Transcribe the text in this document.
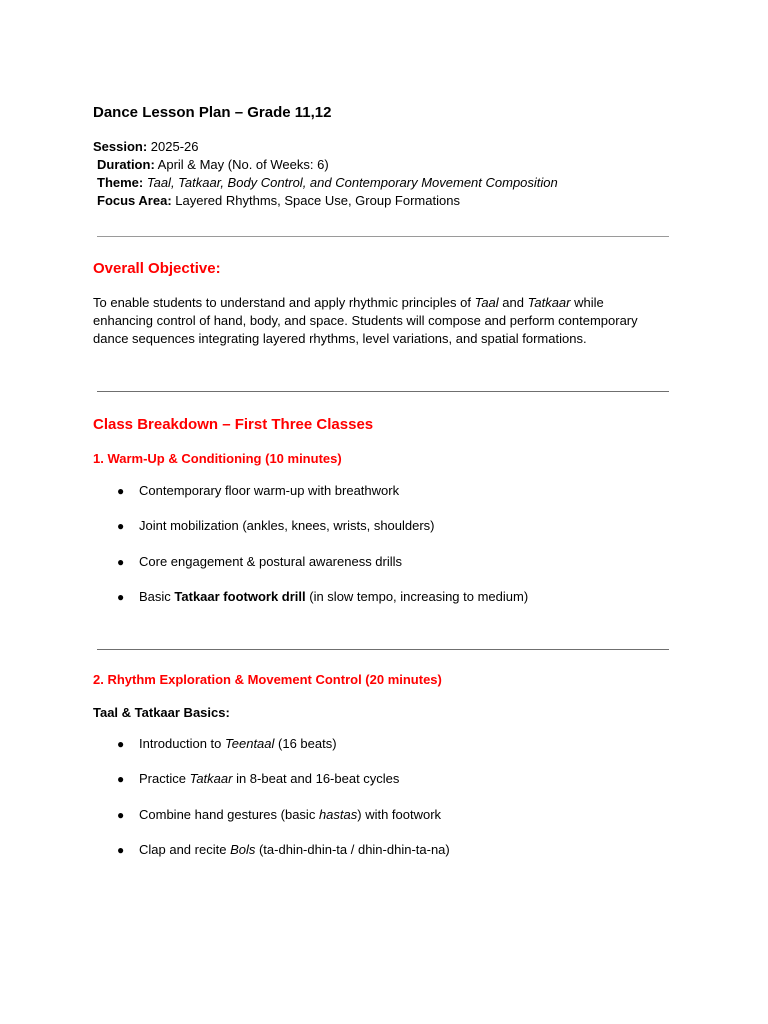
Dance Lesson Plan – Grade 11,12
Session: 2025-26
Duration: April & May (No. of Weeks: 6)
Theme: Taal, Tatkaar, Body Control, and Contemporary Movement Composition
Focus Area: Layered Rhythms, Space Use, Group Formations
Overall Objective:

To enable students to understand and apply rhythmic principles of Taal and Tatkaar while enhancing control of hand, body, and space. Students will compose and perform contemporary dance sequences integrating layered rhythms, level variations, and spatial formations.

Class Breakdown – First Three Classes
1. Warm-Up & Conditioning (10 minutes)
● Contemporary floor warm-up with breathwork
● Joint mobilization (ankles, knees, wrists, shoulders)
● Core engagement & postural awareness drills
● Basic Tatkaar footwork drill (in slow tempo, increasing to medium)
2. Rhythm Exploration & Movement Control (20 minutes)
Taal & Tatkaar Basics:
● Introduction to Teentaal (16 beats)
● Practice Tatkaar in 8-beat and 16-beat cycles
● Combine hand gestures (basic hastas) with footwork
● Clap and recite Bols (ta-dhin-dhin-ta / dhin-dhin-ta-na)
